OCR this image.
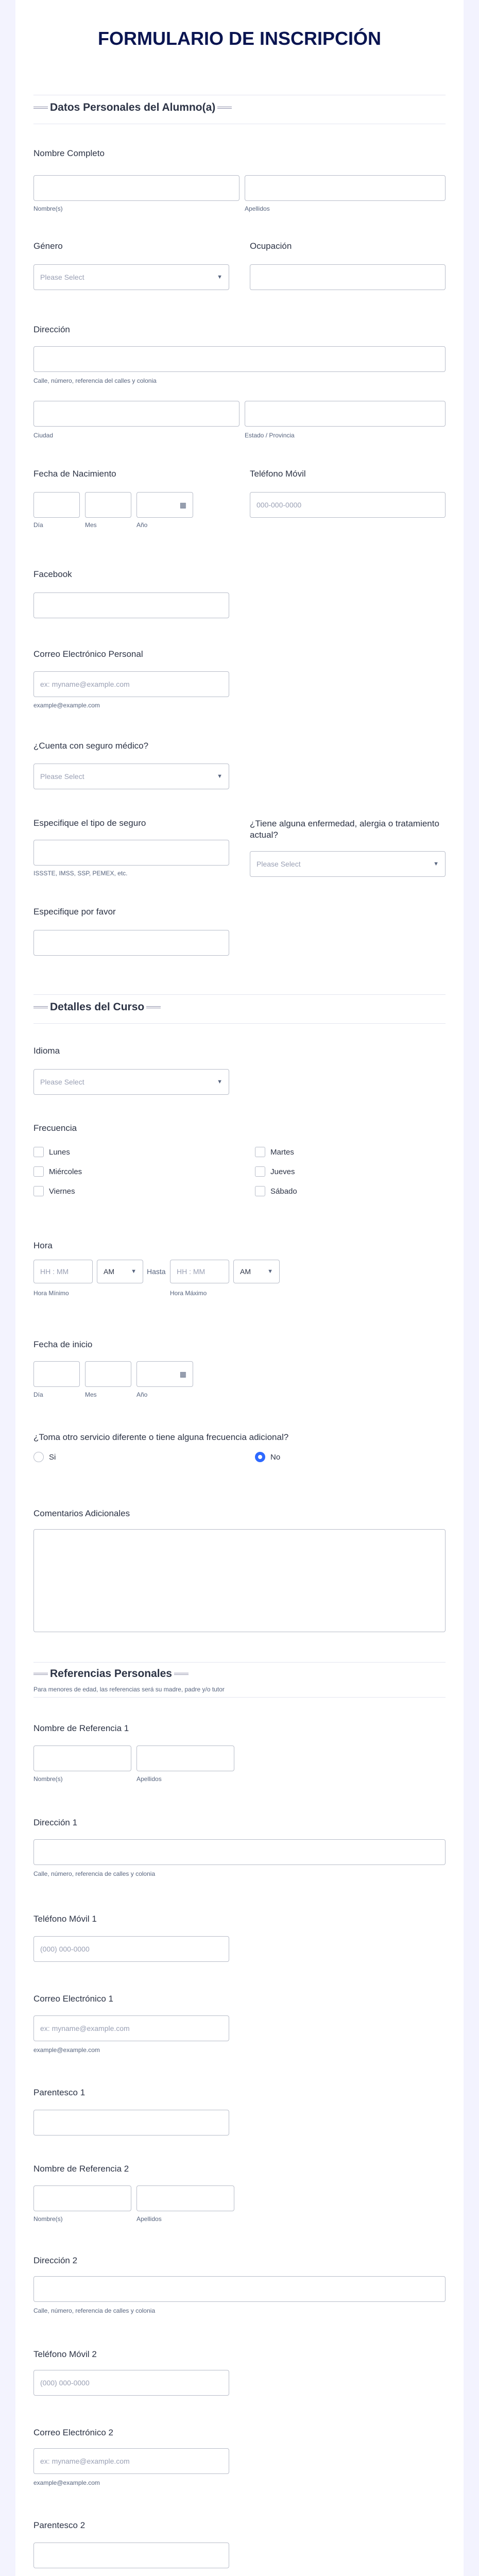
FORMULARIO DE INSCRIPCIÓN
Datos Personales del Alumno(a)
Nombre Completo
Nombre(s)	Apellidos
Género
Please Select	▼
Ocupación
Dirección
Calle, número, referencia del calles y colonia
Ciudad	Estado / Provincia
Fecha de Nacimiento
▦
Día	Mes	Año
Teléfono Móvil
000-000-0000
Facebook
Correo Electrónico Personal
ex: myname@example.com
example@example.com
¿Cuenta con seguro médico?
Please Select	▼
Especifique el tipo de seguro
ISSSTE, IMSS, SSP, PEMEX, etc.
¿Tiene alguna enfermedad, alergia o tratamiento actual?
Please Select	▼
Especifique por favor
Detalles del Curso
Idioma
Please Select	▼
Frecuencia
Lunes	Martes
Miércoles	Jueves
Viernes	Sábado
Hora
HH : MM	AM	▼ Hasta HH : MM	AM	▼
Hora Mínimo	Hora Máximo
Fecha de inicio
▦
Día	Mes	Año
¿Toma otro servicio diferente o tiene alguna frecuencia adicional?
Si	No
Comentarios Adicionales
Referencias Personales
Para menores de edad, las referencias será su madre, padre y/o tutor
Nombre de Referencia 1
Nombre(s)	Apellidos
Dirección 1
Calle, número, referencia de calles y colonia
Teléfono Móvil 1
(000) 000-0000
Correo Electrónico 1
ex: myname@example.com
example@example.com
Parentesco 1
Nombre de Referencia 2
Nombre(s)	Apellidos
Dirección 2
Calle, número, referencia de calles y colonia
Teléfono Móvil 2
(000) 000-0000
Correo Electrónico 2
ex: myname@example.com
example@example.com
Parentesco 2
